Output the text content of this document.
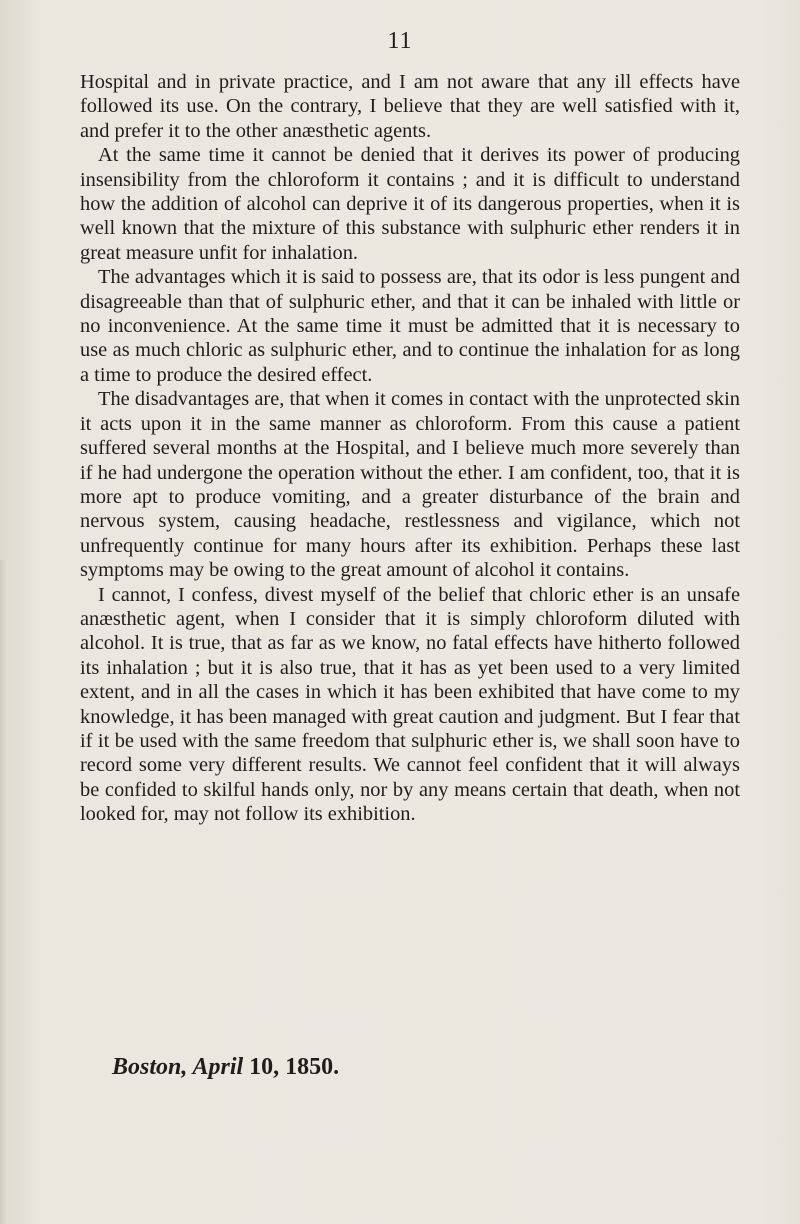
11

Hospital and in private practice, and I am not aware that any ill effects have followed its use. On the contrary, I believe that they are well satisfied with it, and prefer it to the other anæsthetic agents.

At the same time it cannot be denied that it derives its power of producing insensibility from the chloroform it contains ; and it is difficult to understand how the addition of alcohol can deprive it of its dangerous properties, when it is well known that the mixture of this substance with sulphuric ether renders it in great measure unfit for inhalation.

The advantages which it is said to possess are, that its odor is less pungent and disagreeable than that of sulphuric ether, and that it can be inhaled with little or no inconvenience. At the same time it must be admitted that it is necessary to use as much chloric as sulphuric ether, and to continue the inhalation for as long a time to produce the desired effect.

The disadvantages are, that when it comes in contact with the unprotected skin it acts upon it in the same manner as chloroform. From this cause a patient suffered several months at the Hospital, and I believe much more severely than if he had undergone the operation without the ether. I am confident, too, that it is more apt to produce vomiting, and a greater disturbance of the brain and nervous system, causing headache, restlessness and vigilance, which not unfrequently continue for many hours after its exhibition. Perhaps these last symptoms may be owing to the great amount of alcohol it contains.

I cannot, I confess, divest myself of the belief that chloric ether is an unsafe anæsthetic agent, when I consider that it is simply chloroform diluted with alcohol. It is true, that as far as we know, no fatal effects have hitherto followed its inhalation ; but it is also true, that it has as yet been used to a very limited extent, and in all the cases in which it has been exhibited that have come to my knowledge, it has been managed with great caution and judgment. But I fear that if it be used with the same freedom that sulphuric ether is, we shall soon have to record some very different results. We cannot feel confident that it will always be confided to skilful hands only, nor by any means certain that death, when not looked for, may not follow its exhibition.

Boston, April 10, 1850.
